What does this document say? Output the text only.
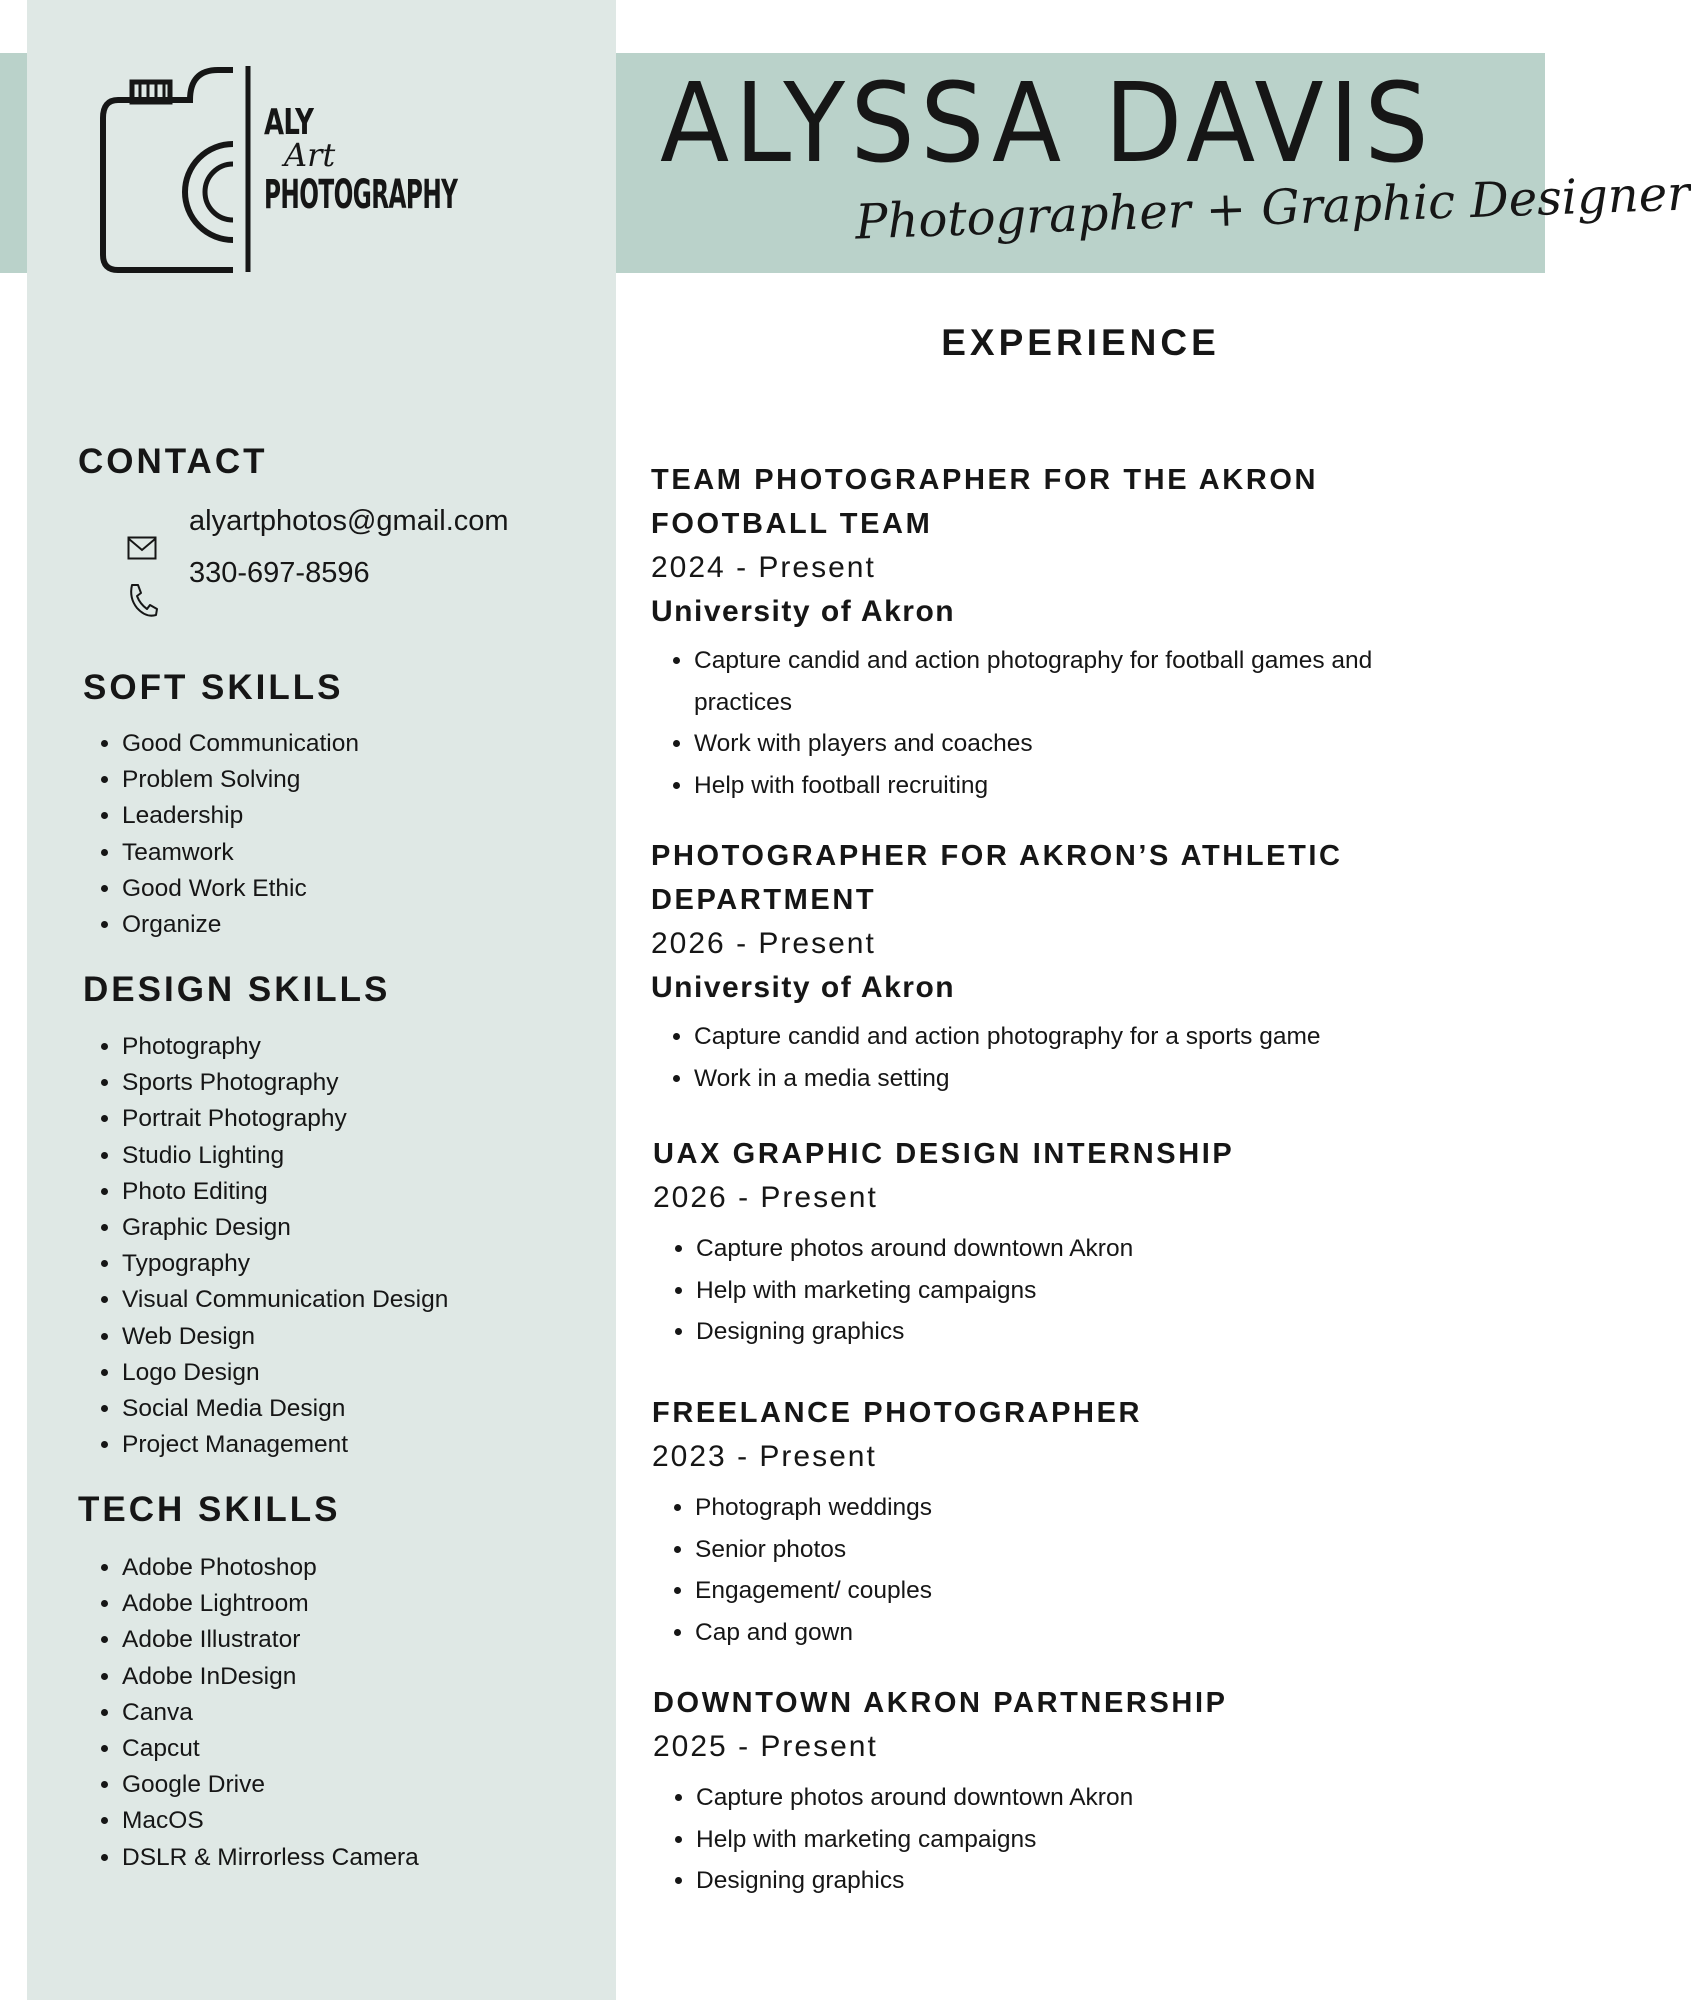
ALY
Art
PHOTOGRAPHY
ALYSSA DAVIS
Photographer + Graphic Designer
CONTACT
alyartphotos@gmail.com
330-697-8596
SOFT SKILLS
• Good Communication
• Problem Solving
• Leadership
• Teamwork
• Good Work Ethic
• Organize
DESIGN SKILLS
• Photography
• Sports Photography
• Portrait Photography
• Studio Lighting
• Photo Editing
• Graphic Design
• Typography
• Visual Communication Design
• Web Design
• Logo Design
• Social Media Design
• Project Management
TECH SKILLS
• Adobe Photoshop
• Adobe Lightroom
• Adobe Illustrator
• Adobe InDesign
• Canva
• Capcut
• Google Drive
• MacOS
• DSLR & Mirrorless Camera
EXPERIENCE
TEAM PHOTOGRAPHER FOR THE AKRON
FOOTBALL TEAM
2024 - Present
University of Akron
• Capture candid and action photography for football games and practices
• Work with players and coaches
• Help with football recruiting
PHOTOGRAPHER FOR AKRON’S ATHLETIC
DEPARTMENT
2026 - Present
University of Akron
• Capture candid and action photography for a sports game
• Work in a media setting
UAX GRAPHIC DESIGN INTERNSHIP
2026 - Present
• Capture photos around downtown Akron
• Help with marketing campaigns
• Designing graphics
FREELANCE PHOTOGRAPHER
2023 - Present
• Photograph weddings
• Senior photos
• Engagement/ couples
• Cap and gown
DOWNTOWN AKRON PARTNERSHIP
2025 - Present
• Capture photos around downtown Akron
• Help with marketing campaigns
• Designing graphics
